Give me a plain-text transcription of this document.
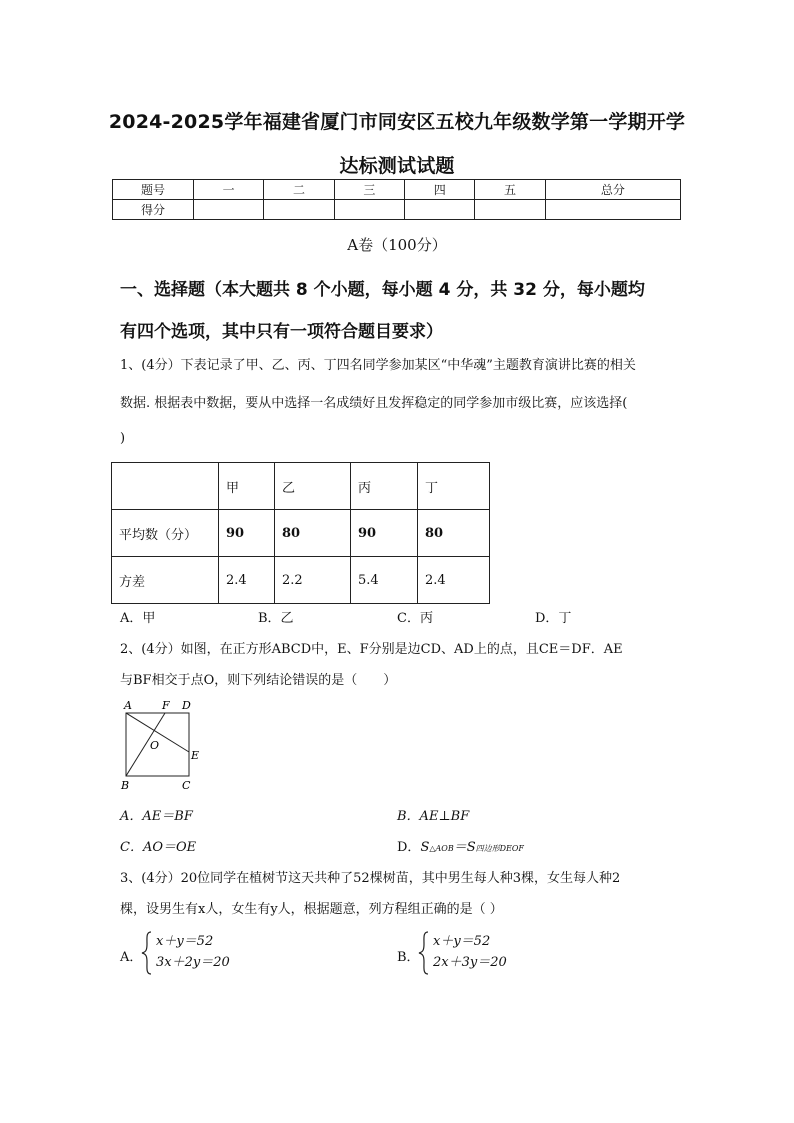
2024-2025学年福建省厦门市同安区五校九年级数学第一学期开学
达标测试试题
题号	一	二	三	四	五	总分
得分						
A卷（100分）
一、选择题（本大题共 8 个小题，每小题 4 分，共 32 分，每小题均
有四个选项，其中只有一项符合题目要求）
1、(4分）下表记录了甲、乙、丙、丁四名同学参加某区“中华魂”主题教育演讲比赛的相关
数据. 根据表中数据，要从中选择一名成绩好且发挥稳定的同学参加市级比赛，应该选择(
)
	甲	乙	丙	丁
平均数（分）	90	80	90	80
方差	2.4	2.2	5.4	2.4
A．甲	B．乙	C．丙	D．丁
2、(4分）如图，在正方形ABCD中，E、F分别是边CD、AD上的点，且CE＝DF．AE
与BF相交于点O，则下列结论错误的是（　　）
A	F D
O
E
B	C
A．AE＝BF	B．AE⊥BF
C．AO＝OE	D．S△AOB＝S四边形DEOF
3、(4分）20位同学在植树节这天共种了52棵树苗，其中男生每人种3棵，女生每人种2
棵，设男生有x人，女生有y人，根据题意，列方程组正确的是（ ）
A．
x＋y＝52
3x＋2y＝20	B．
x＋y＝52
2x＋3y＝20
